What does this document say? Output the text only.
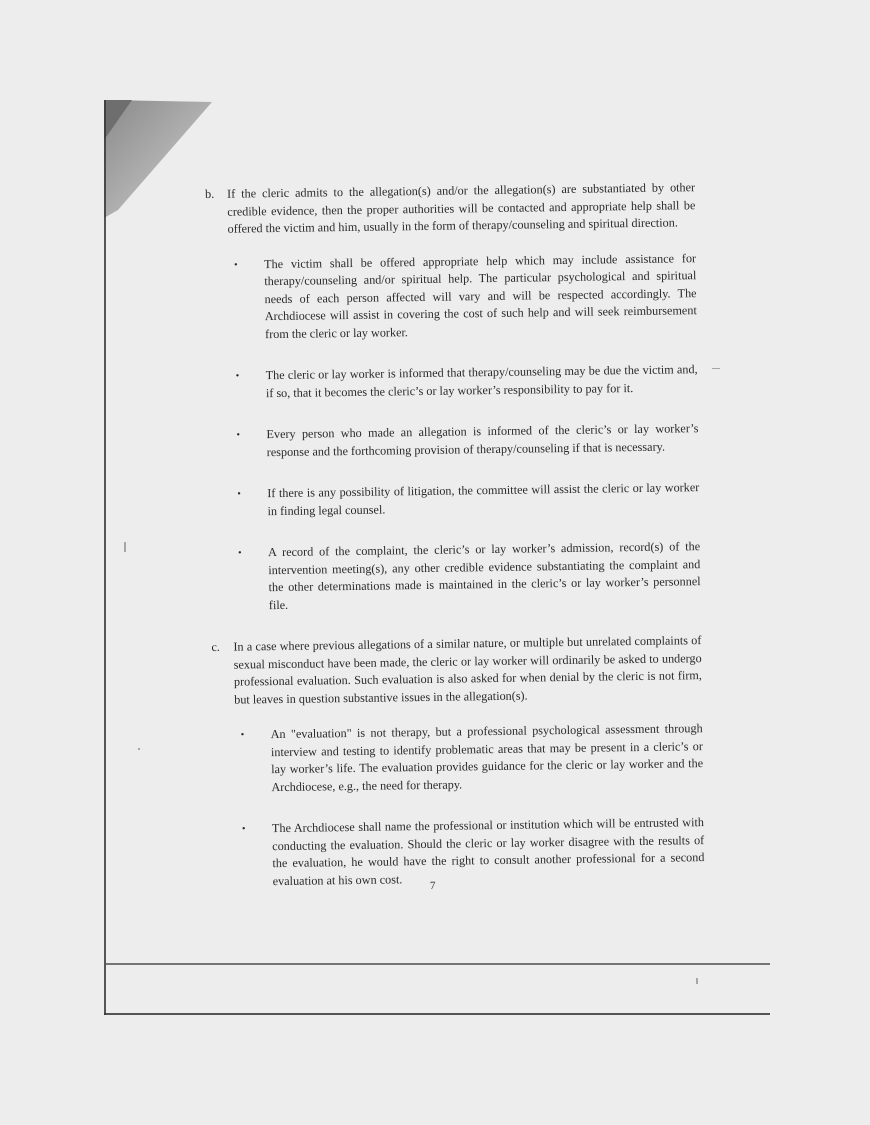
b.	If the cleric admits to the allegation(s) and/or the allegation(s) are substantiated by other credible evidence, then the proper authorities will be contacted and appropriate help shall be offered the victim and him, usually in the form of therapy/counseling and spiritual direction.
•	The victim shall be offered appropriate help which may include assistance for therapy/counseling and/or spiritual help. The particular psychological and spiritual needs of each person affected will vary and will be respected accordingly. The Archdiocese will assist in covering the cost of such help and will seek reimbursement from the cleric or lay worker.
•	The cleric or lay worker is informed that therapy/counseling may be due the victim and, if so, that it becomes the cleric’s or lay worker’s responsibility to pay for it.
•	Every person who made an allegation is informed of the cleric’s or lay worker’s response and the forthcoming provision of therapy/counseling if that is necessary.
•	If there is any possibility of litigation, the committee will assist the cleric or lay worker in finding legal counsel.
•	A record of the complaint, the cleric’s or lay worker’s admission, record(s) of the intervention meeting(s), any other credible evidence substantiating the complaint and the other determinations made is maintained in the cleric’s or lay worker’s personnel file.
c.	In a case where previous allegations of a similar nature, or multiple but unrelated complaints of sexual misconduct have been made, the cleric or lay worker will ordinarily be asked to undergo professional evaluation. Such evaluation is also asked for when denial by the cleric is not firm, but leaves in question substantive issues in the allegation(s).
•	An "evaluation" is not therapy, but a professional psychological assessment through interview and testing to identify problematic areas that may be present in a cleric’s or lay worker’s life. The evaluation provides guidance for the cleric or lay worker and the Archdiocese, e.g., the need for therapy.
•	The Archdiocese shall name the professional or institution which will be entrusted with conducting the evaluation. Should the cleric or lay worker disagree with the results of the evaluation, he would have the right to consult another professional for a second evaluation at his own cost.	7
